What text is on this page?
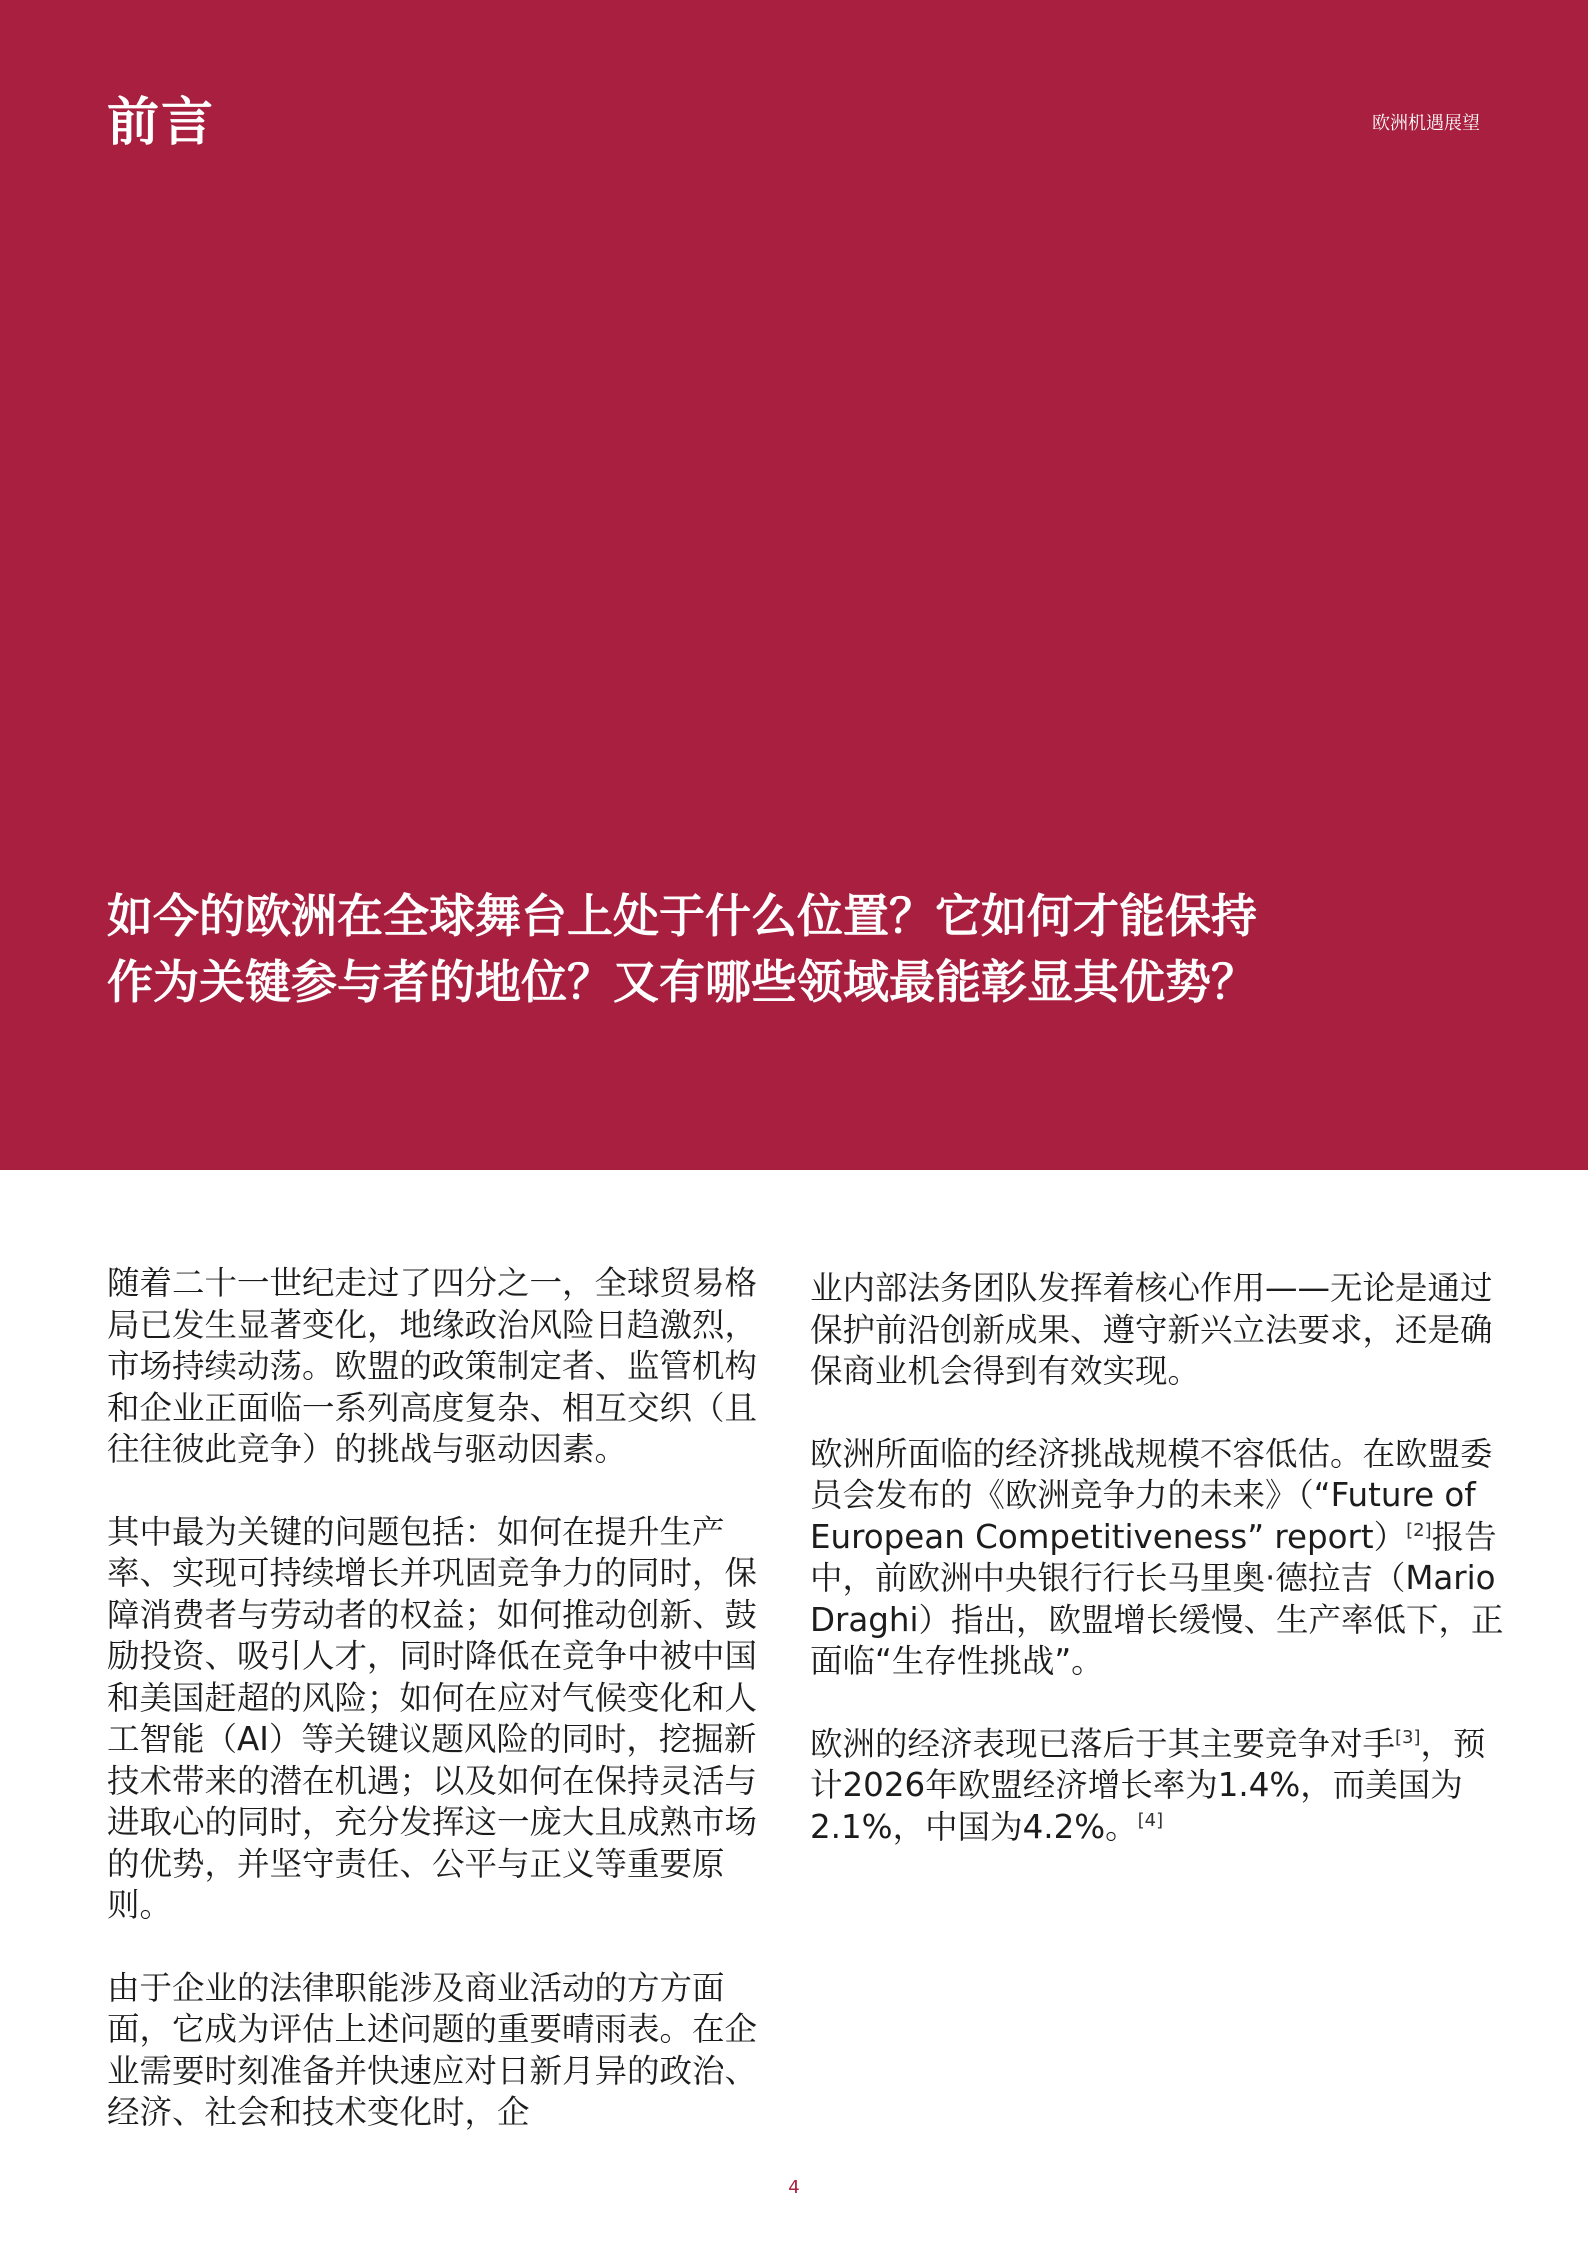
前言	欧洲机遇展望
如今的欧洲在全球舞台上处于什么位置？它如何才能保持作为关键参与者的地位？又有哪些领域最能彰显其优势？

随着二十一世纪走过了四分之一，全球贸易格局已发生显著变化，地缘政治风险日趋激烈，市场持续动荡。欧盟的政策制定者、监管机构和企业正面临一系列高度复杂、相互交织（且往往彼此竞争）的挑战与驱动因素。

其中最为关键的问题包括：如何在提升生产率、实现可持续增长并巩固竞争力的同时，保障消费者与劳动者的权益；如何推动创新、鼓励投资、吸引人才，同时降低在竞争中被中国和美国赶超的风险；如何在应对气候变化和人工智能（AI）等关键议题风险的同时，挖掘新技术带来的潜在机遇；以及如何在保持灵活与进取心的同时，充分发挥这一庞大且成熟市场的优势，并坚守责任、公平与正义等重要原则。

由于企业的法律职能涉及商业活动的方方面面，它成为评估上述问题的重要晴雨表。在企业需要时刻准备并快速应对日新月异的政治、经济、社会和技术变化时，企

业内部法务团队发挥着核心作用——无论是通过保护前沿创新成果、遵守新兴立法要求，还是确保商业机会得到有效实现。

欧洲所面临的经济挑战规模不容低估。在欧盟委员会发布的《欧洲竞争力的未来》（“Future of European Competitiveness” report）[2]报告中，前欧洲中央银行行长马里奥·德拉吉（Mario Draghi）指出，欧盟增长缓慢、生产率低下，正面临“生存性挑战”。

欧洲的经济表现已落后于其主要竞争对手[3]，预计2026年欧盟经济增长率为1.4%，而美国为2.1%，中国为4.2%。[4]

4
